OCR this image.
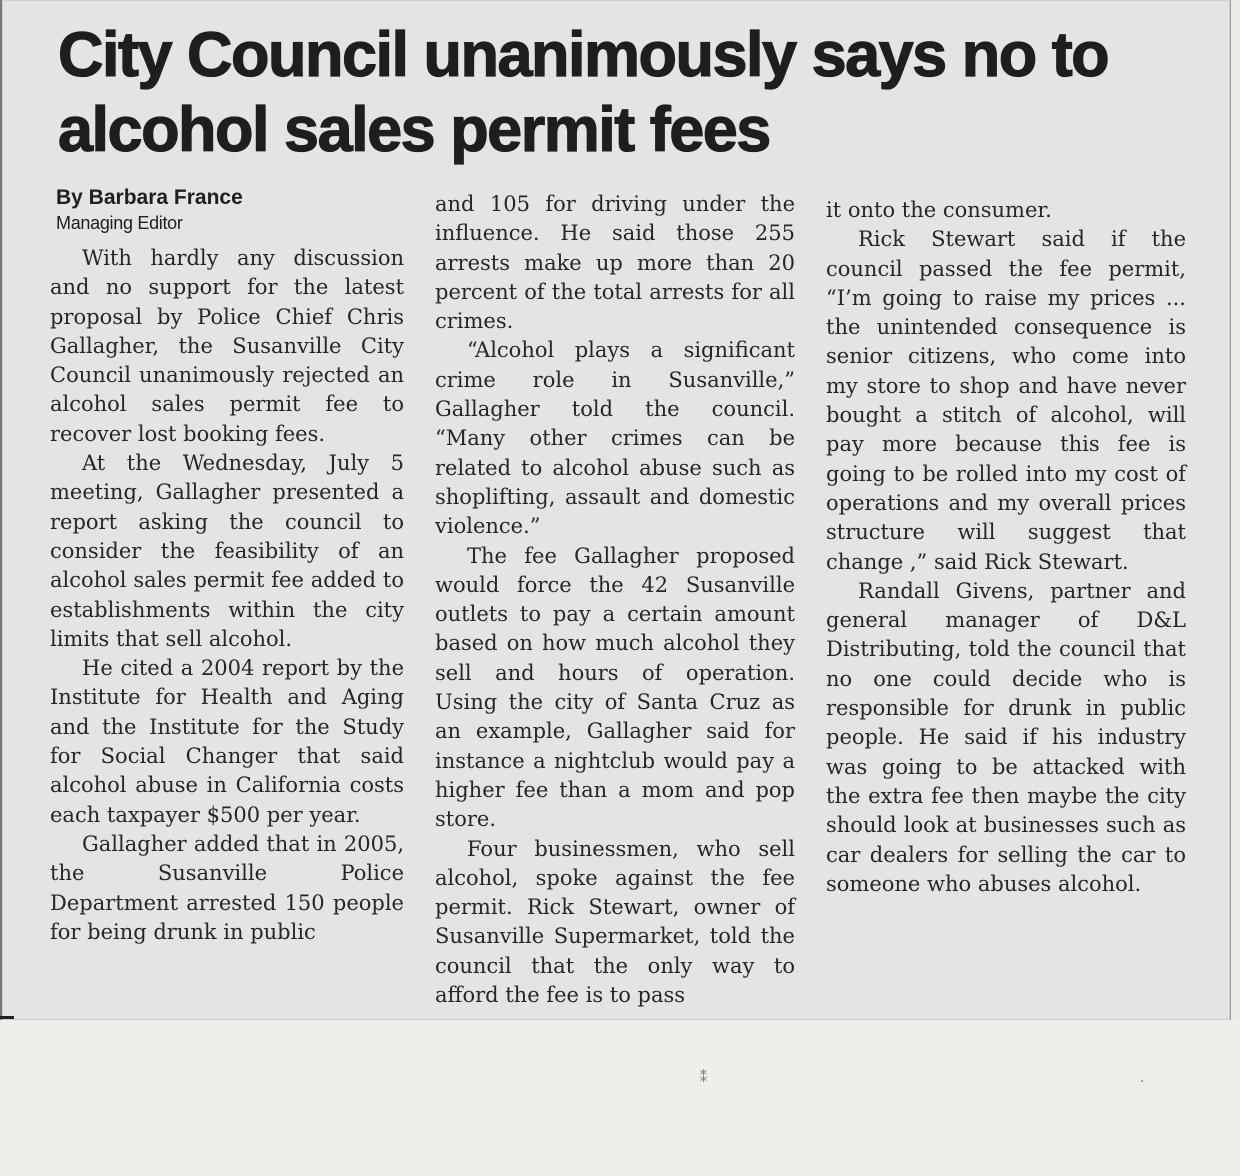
City Council unanimously says no to alcohol sales permit fees
By Barbara France
Managing Editor

With hardly any discussion and no support for the latest proposal by Police Chief Chris Gallagher, the Susanville City Council unanimously rejected an alcohol sales permit fee to recover lost booking fees.

At the Wednesday, July 5 meeting, Gallagher presented a report asking the council to consider the feasibility of an alcohol sales permit fee added to establishments within the city limits that sell alcohol.

He cited a 2004 report by the Institute for Health and Aging and the Institute for the Study for Social Changer that said alcohol abuse in California costs each taxpayer $500 per year.

Gallagher added that in 2005, the Susanville Police Department arrested 150 people for being drunk in public

and 105 for driving under the influence. He said those 255 arrests make up more than 20 percent of the total arrests for all crimes.

“Alcohol plays a significant crime role in Susanville,” Gallagher told the council. “Many other crimes can be related to alcohol abuse such as shoplifting, assault and domestic violence.”

The fee Gallagher proposed would force the 42 Susanville outlets to pay a certain amount based on how much alcohol they sell and hours of operation. Using the city of Santa Cruz as an example, Gallagher said for instance a nightclub would pay a higher fee than a mom and pop store.

Four businessmen, who sell alcohol, spoke against the fee permit. Rick Stewart, owner of Susanville Supermarket, told the council that the only way to afford the fee is to pass

it onto the consumer.

Rick Stewart said if the council passed the fee permit, “I’m going to raise my prices ... the unintended consequence is senior citizens, who come into my store to shop and have never bought a stitch of alcohol, will pay more because this fee is going to be rolled into my cost of operations and my overall prices structure will suggest that change ,” said Rick Stewart.

Randall Givens, partner and general manager of D&L Distributing, told the council that no one could decide who is responsible for drunk in public people. He said if his industry was going to be attacked with the extra fee then maybe the city should look at businesses such as car dealers for selling the car to someone who abuses alcohol.

⁑	·
